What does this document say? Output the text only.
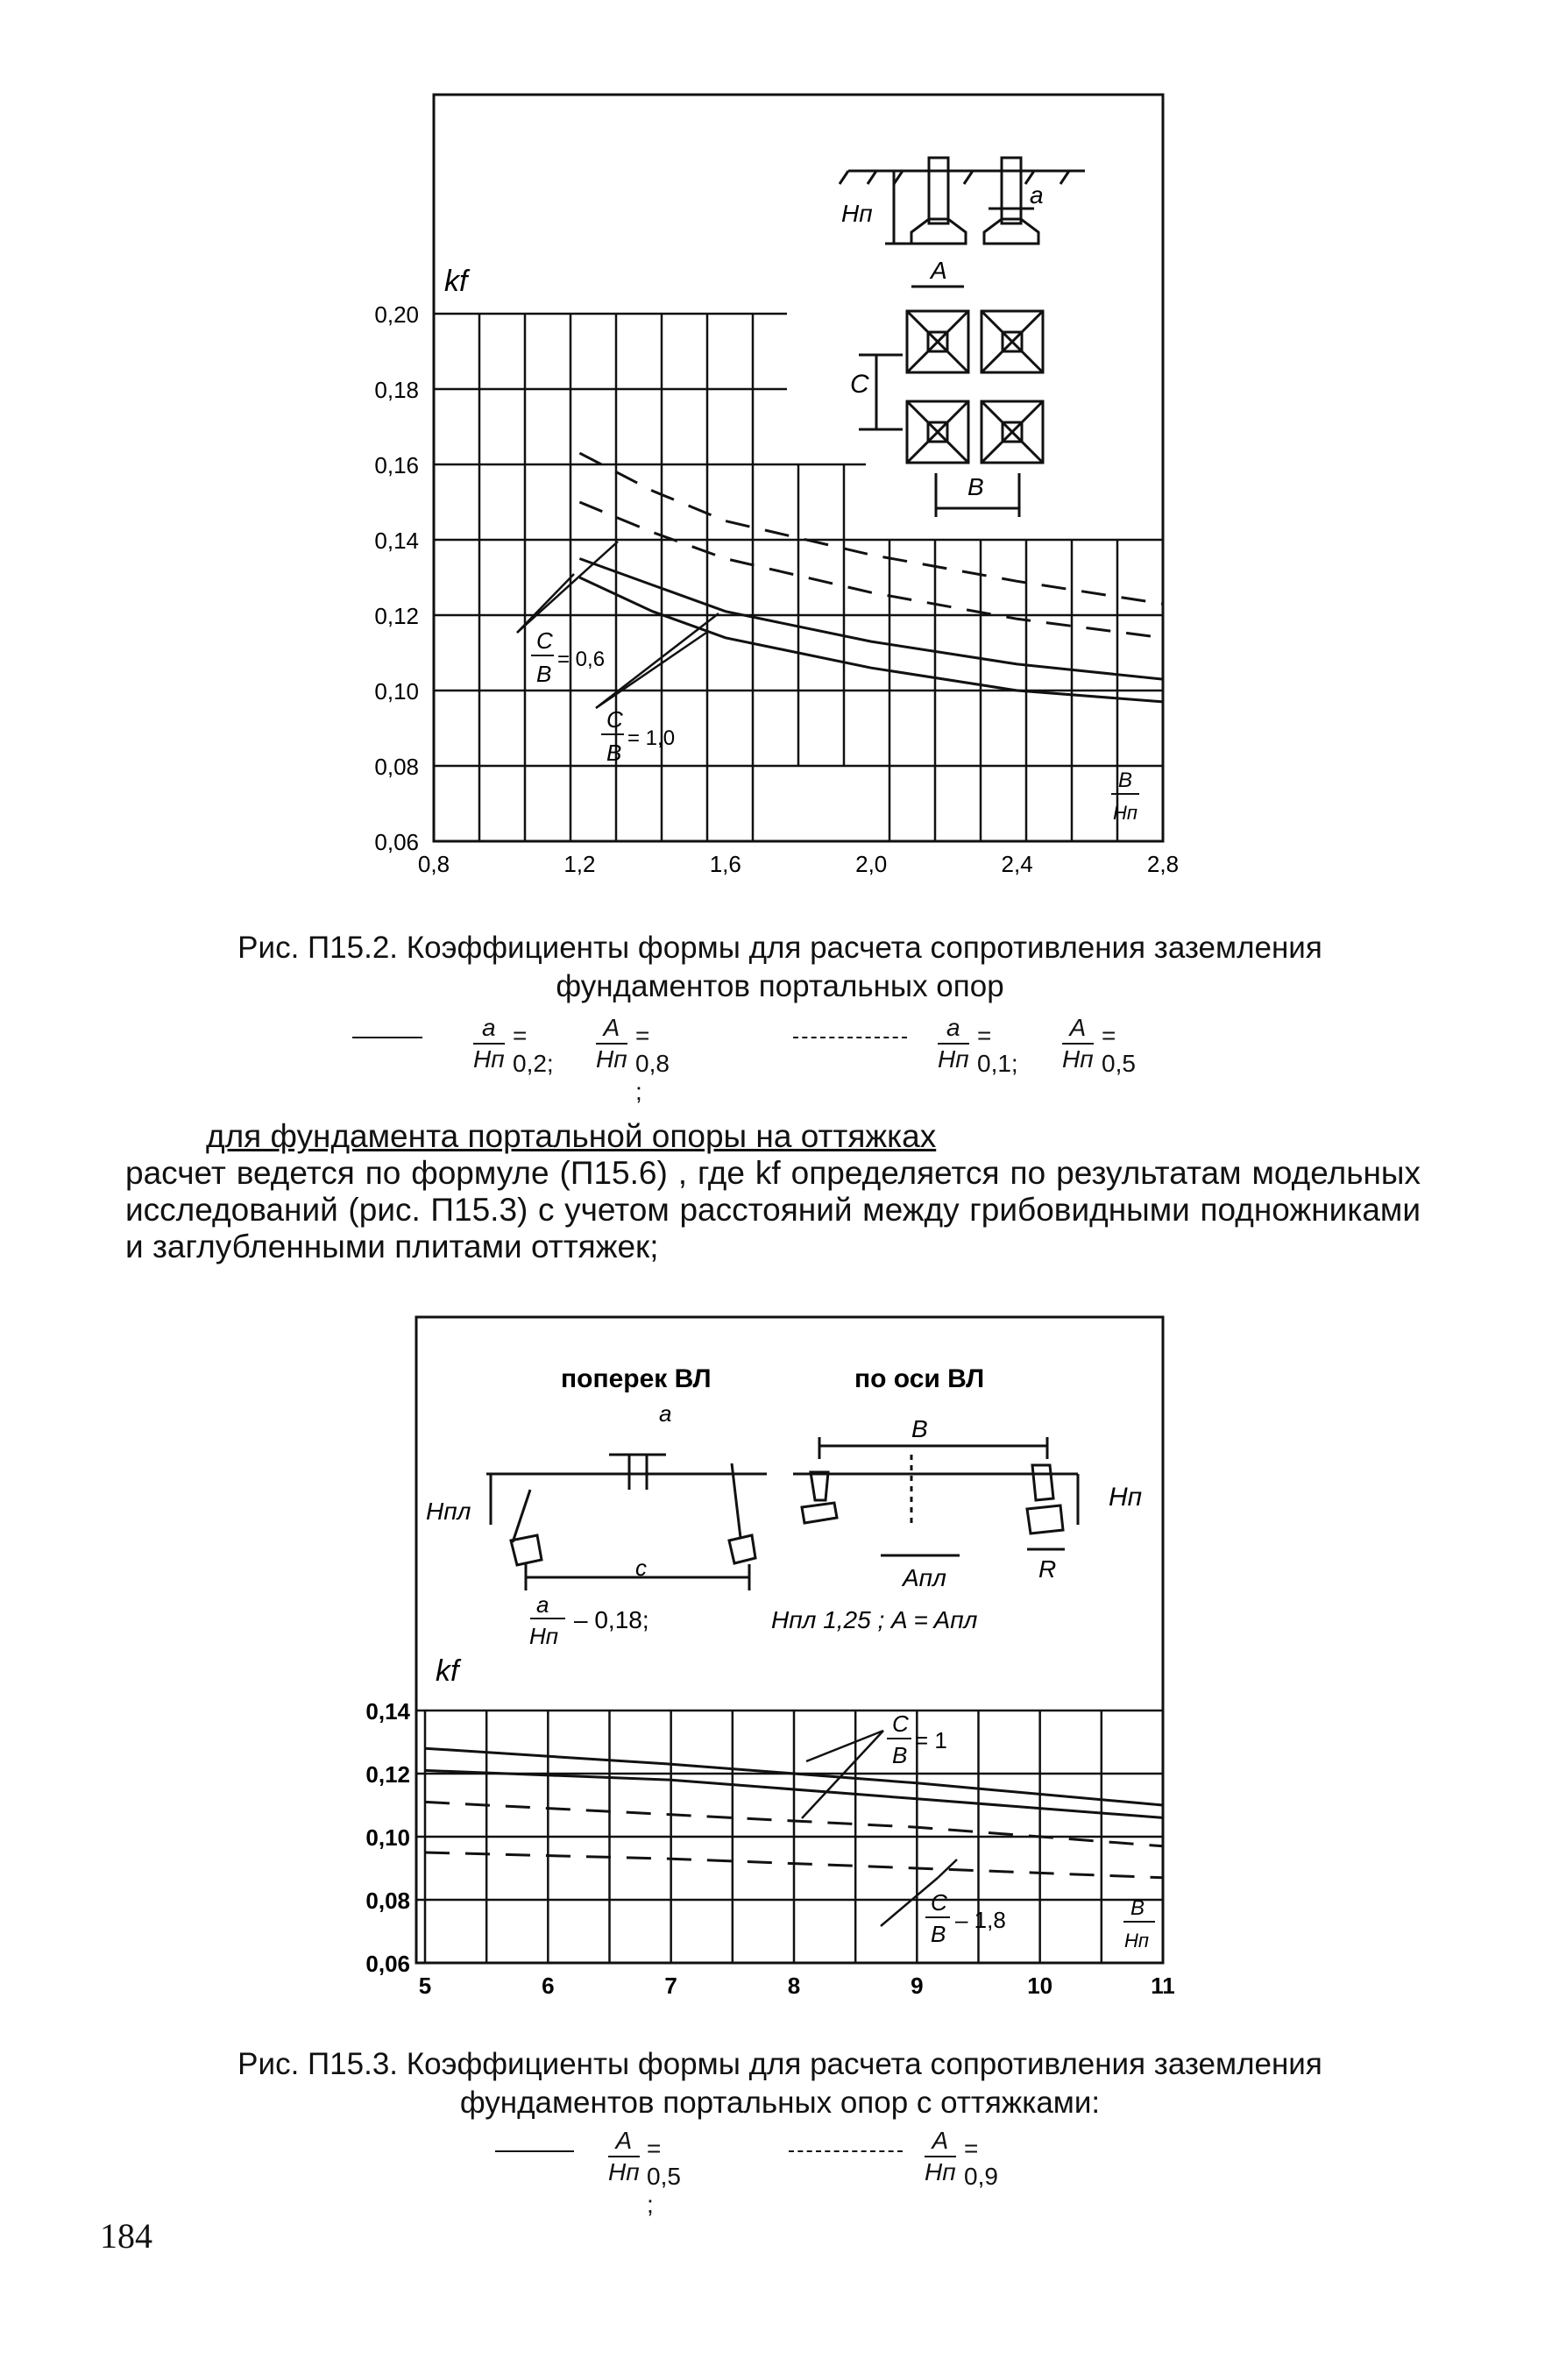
0,20
0,18
0,16
0,14
0,12
0,10
0,08
0,06
0,8	1,2	1,6	2,0	2,4	2,8
kf
Hп
a
A
C
B
C
B
= 0,6
C
B
= 1,0
B
Hп
Рис. П15.2. Коэффициенты формы для расчета сопротивления заземления
фундаментов портальных опор
a
Hп
= 0,2;
A
Hп
= 0,8 ;
a
Hп
= 0,1;
A
Hп
= 0,5
для фундамента портальной опоры на оттяжках

расчет ведется по формуле (П15.6) , где kf определяется по результатам модельных исследований (рис. П15.3) с учетом расстояний между грибовидными подножниками и заглубленными плитами оттяжек;

0,14
0,12
0,10
0,08
0,06
5	6	7	8	9	10	11
поперек ВЛ	по оси ВЛ
a
Hпл
c
B
Hп
Aпл	R
a
Hп
– 0,18;	Hпл 1,25 ; A = Aпл
kf
C
B
= 1
C
B
– 1,8	B
Hп
Рис. П15.3. Коэффициенты формы для расчета сопротивления заземления
фундаментов портальных опор с оттяжками:
A
Hп
= 0,5 ;
A
Hп
= 0,9
184
